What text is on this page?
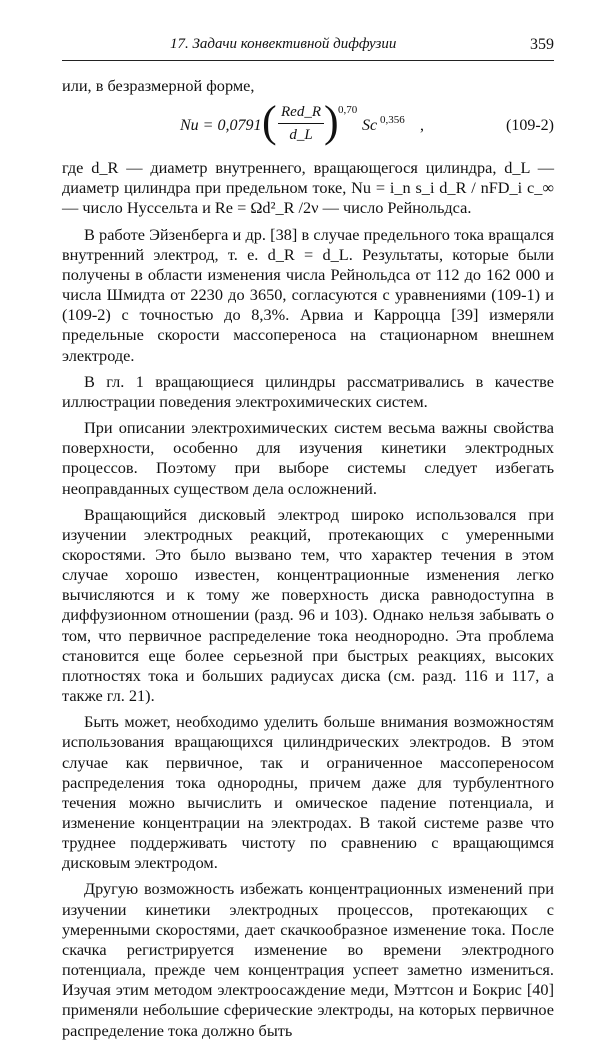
17. Задачи конвективной диффузии	359

или, в безразмерной форме,

Nu = 0,0791 ( Red_R
d_L ) 0,70
Sc 0,356 ,	(109-2)

где d_R — диаметр внутреннего, вращающегося цилиндра, d_L — диаметр цилиндра при предельном токе, Nu = i_n s_i d_R / nFD_i c_∞ — число Нуссельта и Re = Ωd²_R /2ν — число Рейнольдса.

В работе Эйзенберга и др. [38] в случае предельного тока вращался внутренний электрод, т. е. d_R = d_L. Результаты, которые были получены в области изменения числа Рейнольдса от 112 до 162 000 и числа Шмидта от 2230 до 3650, согласуются с уравнениями (109-1) и (109-2) с точностью до 8,3%. Арвиа и Карроцца [39] измеряли предельные скорости массопереноса на стационарном внешнем электроде.

В гл. 1 вращающиеся цилиндры рассматривались в качестве иллюстрации поведения электрохимических систем.

При описании электрохимических систем весьма важны свойства поверхности, особенно для изучения кинетики электродных процессов. Поэтому при выборе системы следует избегать неоправданных существом дела осложнений.

Вращающийся дисковый электрод широко использовался при изучении электродных реакций, протекающих с умеренными скоростями. Это было вызвано тем, что характер течения в этом случае хорошо известен, концентрационные изменения легко вычисляются и к тому же поверхность диска равнодоступна в диффузионном отношении (разд. 96 и 103). Однако нельзя забывать о том, что первичное распределение тока неоднородно. Эта проблема становится еще более серьезной при быстрых реакциях, высоких плотностях тока и больших радиусах диска (см. разд. 116 и 117, а также гл. 21).

Быть может, необходимо уделить больше внимания возможностям использования вращающихся цилиндрических электродов. В этом случае как первичное, так и ограниченное массопереносом распределения тока однородны, причем даже для турбулентного течения можно вычислить и омическое падение потенциала, и изменение концентрации на электродах. В такой системе разве что труднее поддерживать чистоту по сравнению с вращающимся дисковым электродом.

Другую возможность избежать концентрационных изменений при изучении кинетики электродных процессов, протекающих с умеренными скоростями, дает скачкообразное изменение тока. После скачка регистрируется изменение во времени электродного потенциала, прежде чем концентрация успеет заметно измениться. Изучая этим методом электроосаждение меди, Мэттсон и Бокрис [40] применяли небольшие сферические электроды, на которых первичное распределение тока должно быть
